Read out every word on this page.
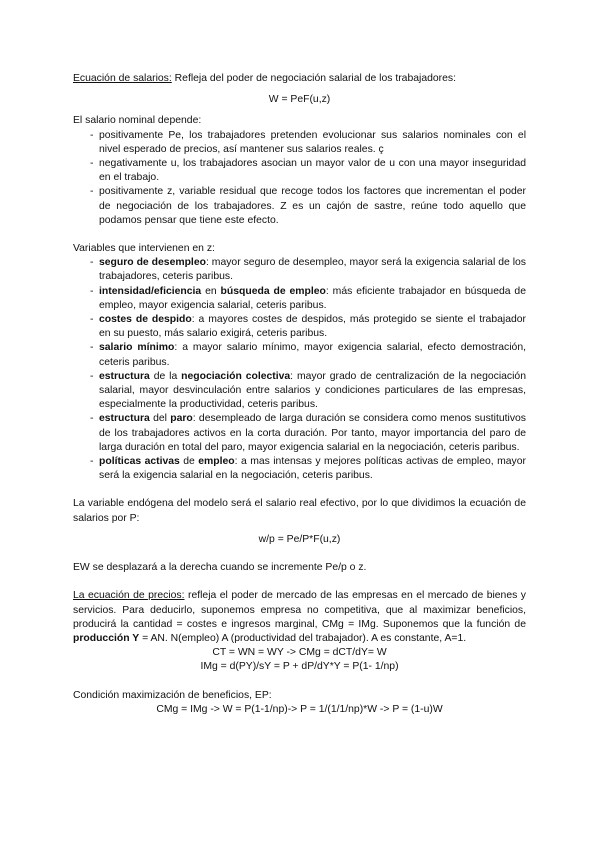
Ecuación de salarios: Refleja del poder de negociación salarial de los trabajadores:

W = PeF(u,z)

El salario nominal depende:

- positivamente Pe, los trabajadores pretenden evolucionar sus salarios nominales con el nivel esperado de precios, así mantener sus salarios reales. ç
- negativamente u, los trabajadores asocian un mayor valor de u con una mayor inseguridad en el trabajo.
- positivamente z, variable residual que recoge todos los factores que incrementan el poder de negociación de los trabajadores. Z es un cajón de sastre, reúne todo aquello que podamos pensar que tiene este efecto.

Variables que intervienen en z:

- seguro de desempleo: mayor seguro de desempleo, mayor será la exigencia salarial de los trabajadores, ceteris paribus.
- intensidad/eficiencia en búsqueda de empleo: más eficiente trabajador en búsqueda de empleo, mayor exigencia salarial, ceteris paribus.
- costes de despido: a mayores costes de despidos, más protegido se siente el trabajador en su puesto, más salario exigirá, ceteris paribus.
- salario mínimo: a mayor salario mínimo, mayor exigencia salarial, efecto demostración, ceteris paribus.
- estructura de la negociación colectiva: mayor grado de centralización de la negociación salarial, mayor desvinculación entre salarios y condiciones particulares de las empresas, especialmente la productividad, ceteris paribus.
- estructura del paro: desempleado de larga duración se considera como menos sustitutivos de los trabajadores activos en la corta duración. Por tanto, mayor importancia del paro de larga duración en total del paro, mayor exigencia salarial en la negociación, ceteris paribus.
- políticas activas de empleo: a mas intensas y mejores políticas activas de empleo, mayor será la exigencia salarial en la negociación, ceteris paribus.

La variable endógena del modelo será el salario real efectivo, por lo que dividimos la ecuación de salarios por P:

w/p = Pe/P*F(u,z)

EW se desplazará a la derecha cuando se incremente Pe/p o z.

La ecuación de precios: refleja el poder de mercado de las empresas en el mercado de bienes y servicios. Para deducirlo, suponemos empresa no competitiva, que al maximizar beneficios, producirá la cantidad = costes e ingresos marginal, CMg = IMg. Suponemos que la función de producción Y = AN. N(empleo) A (productividad del trabajador). A es constante, A=1.

CT = WN = WY -> CMg = dCT/dY= W

IMg = d(PY)/sY = P + dP/dY*Y = P(1- 1/np)

Condición maximización de beneficios, EP:

CMg = IMg -> W = P(1-1/np)-> P = 1/(1/1/np)*W -> P = (1-u)W
